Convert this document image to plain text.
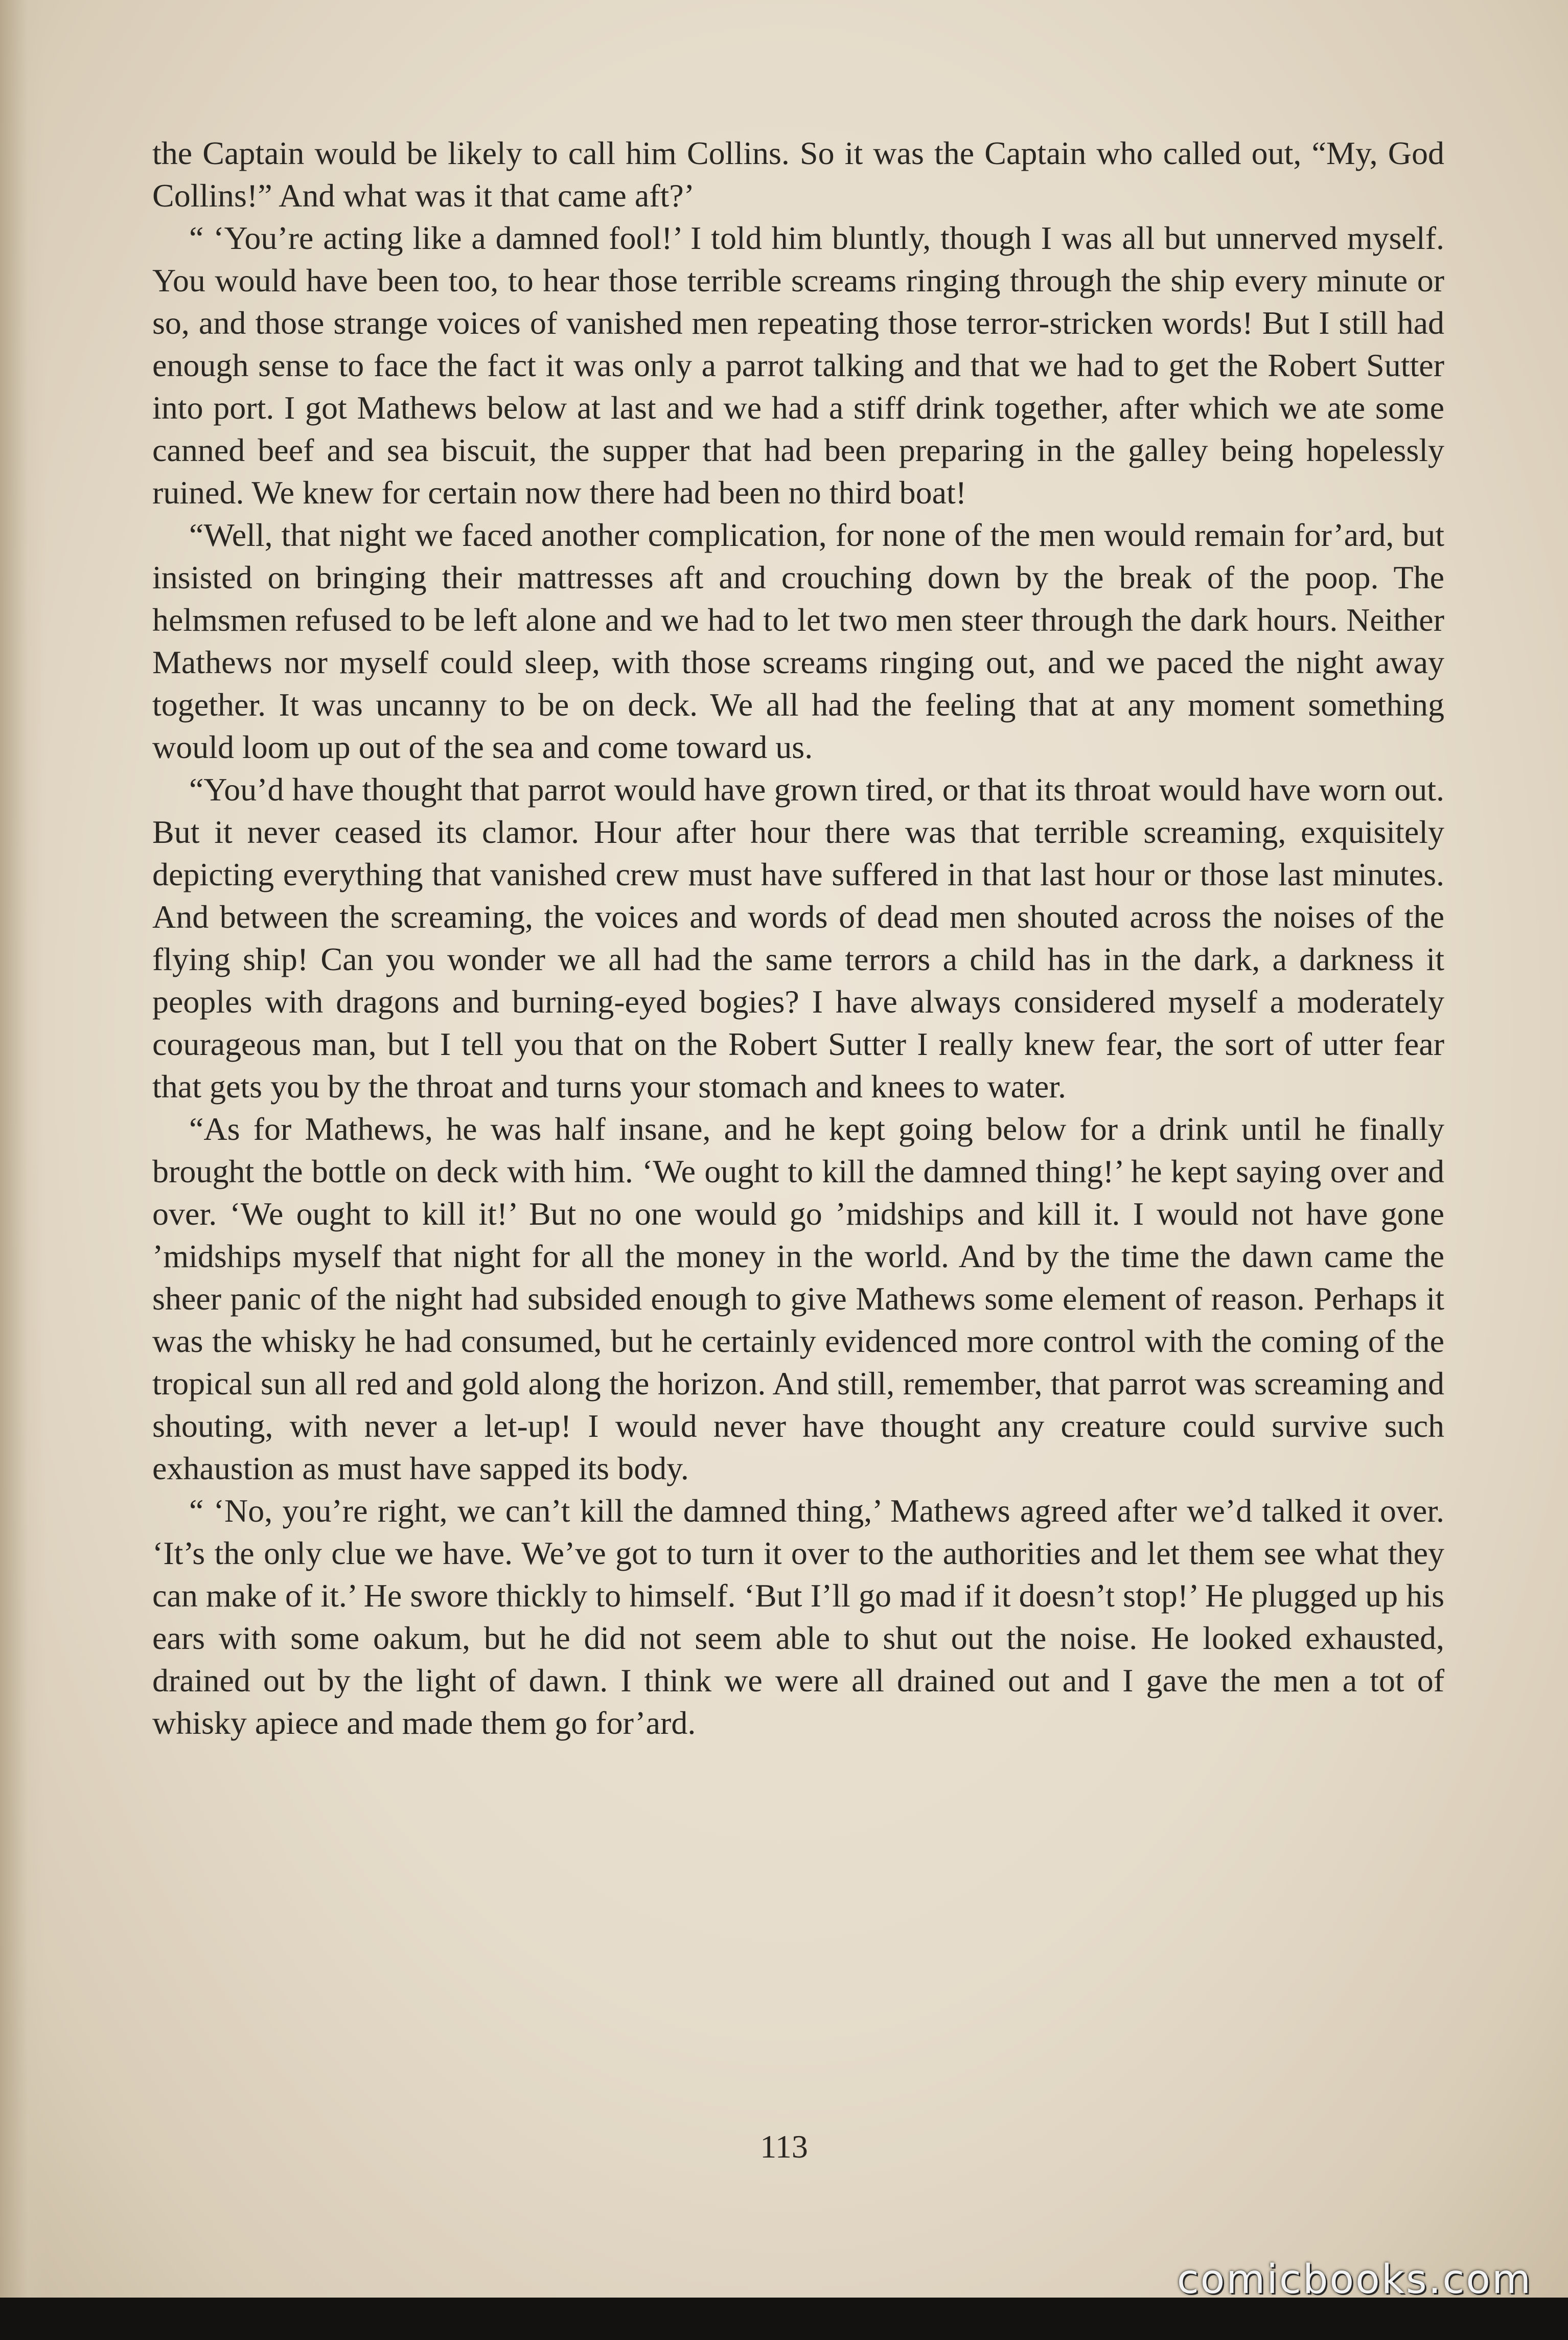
the Captain would be likely to call him Collins. So it was the Captain who called out, “My, God Collins!” And what was it that came aft?’

“ ‘You’re acting like a damned fool!’ I told him bluntly, though I was all but unnerved myself. You would have been too, to hear those terrible screams ringing through the ship every minute or so, and those strange voices of vanished men repeating those terror-stricken words! But I still had enough sense to face the fact it was only a parrot talking and that we had to get the Robert Sutter into port. I got Mathews below at last and we had a stiff drink together, after which we ate some canned beef and sea biscuit, the supper that had been preparing in the galley being hopelessly ruined. We knew for certain now there had been no third boat!

“Well, that night we faced another complication, for none of the men would remain for’ard, but insisted on bringing their mattresses aft and crouching down by the break of the poop. The helmsmen refused to be left alone and we had to let two men steer through the dark hours. Neither Mathews nor myself could sleep, with those screams ringing out, and we paced the night away together. It was uncanny to be on deck. We all had the feeling that at any moment something would loom up out of the sea and come toward us.

“You’d have thought that parrot would have grown tired, or that its throat would have worn out. But it never ceased its clamor. Hour after hour there was that terrible screaming, exquisitely depicting everything that vanished crew must have suffered in that last hour or those last minutes. And between the screaming, the voices and words of dead men shouted across the noises of the flying ship! Can you wonder we all had the same terrors a child has in the dark, a darkness it peoples with dragons and burning-eyed bogies? I have always considered myself a moderately courageous man, but I tell you that on the Robert Sutter I really knew fear, the sort of utter fear that gets you by the throat and turns your stomach and knees to water.

“As for Mathews, he was half insane, and he kept going below for a drink until he finally brought the bottle on deck with him. ‘We ought to kill the damned thing!’ he kept saying over and over. ‘We ought to kill it!’ But no one would go ’midships and kill it. I would not have gone ’midships myself that night for all the money in the world. And by the time the dawn came the sheer panic of the night had subsided enough to give Mathews some element of reason. Perhaps it was the whisky he had consumed, but he certainly evidenced more control with the coming of the tropical sun all red and gold along the horizon. And still, remember, that parrot was screaming and shouting, with never a let-up! I would never have thought any creature could survive such exhaustion as must have sapped its body.

“ ‘No, you’re right, we can’t kill the damned thing,’ Mathews agreed after we’d talked it over. ‘It’s the only clue we have. We’ve got to turn it over to the authorities and let them see what they can make of it.’ He swore thickly to himself. ‘But I’ll go mad if it doesn’t stop!’ He plugged up his ears with some oakum, but he did not seem able to shut out the noise. He looked exhausted, drained out by the light of dawn. I think we were all drained out and I gave the men a tot of whisky apiece and made them go for’ard.

113
comicbooks.com
